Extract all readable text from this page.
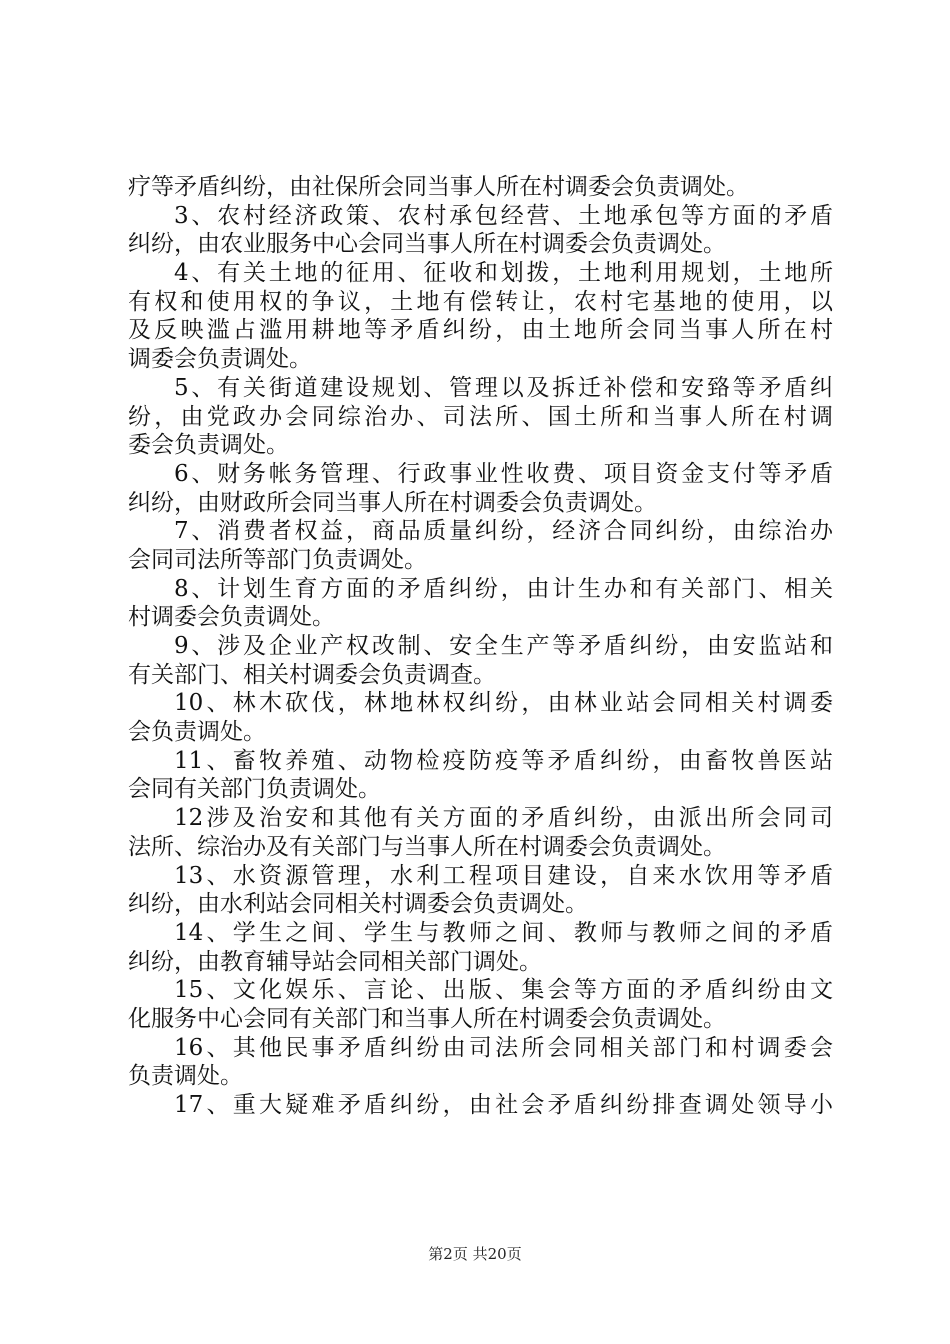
疗等矛盾纠纷，由社保所会同当事人所在村调委会负责调处。
3、农村经济政策、农村承包经营、土地承包等方面的矛盾
纠纷，由农业服务中心会同当事人所在村调委会负责调处。
4、有关土地的征用、征收和划拨，土地利用规划，土地所
有权和使用权的争议，土地有偿转让，农村宅基地的使用，以
及反映滥占滥用耕地等矛盾纠纷，由土地所会同当事人所在村
调委会负责调处。
5、有关街道建设规划、管理以及拆迁补偿和安臵等矛盾纠
纷，由党政办会同综治办、司法所、国土所和当事人所在村调
委会负责调处。
6、财务帐务管理、行政事业性收费、项目资金支付等矛盾
纠纷，由财政所会同当事人所在村调委会负责调处。
7、消费者权益，商品质量纠纷，经济合同纠纷，由综治办
会同司法所等部门负责调处。
8、计划生育方面的矛盾纠纷，由计生办和有关部门、相关
村调委会负责调处。
9、涉及企业产权改制、安全生产等矛盾纠纷，由安监站和
有关部门、相关村调委会负责调查。
10、林木砍伐，林地林权纠纷，由林业站会同相关村调委
会负责调处。
11、畜牧养殖、动物检疫防疫等矛盾纠纷，由畜牧兽医站
会同有关部门负责调处。
12涉及治安和其他有关方面的矛盾纠纷，由派出所会同司
法所、综治办及有关部门与当事人所在村调委会负责调处。
13、水资源管理，水利工程项目建设，自来水饮用等矛盾
纠纷，由水利站会同相关村调委会负责调处。
14、学生之间、学生与教师之间、教师与教师之间的矛盾
纠纷，由教育辅导站会同相关部门调处。
15、文化娱乐、言论、出版、集会等方面的矛盾纠纷由文
化服务中心会同有关部门和当事人所在村调委会负责调处。
16、其他民事矛盾纠纷由司法所会同相关部门和村调委会
负责调处。
17、重大疑难矛盾纠纷，由社会矛盾纠纷排查调处领导小
第2页 共20页
